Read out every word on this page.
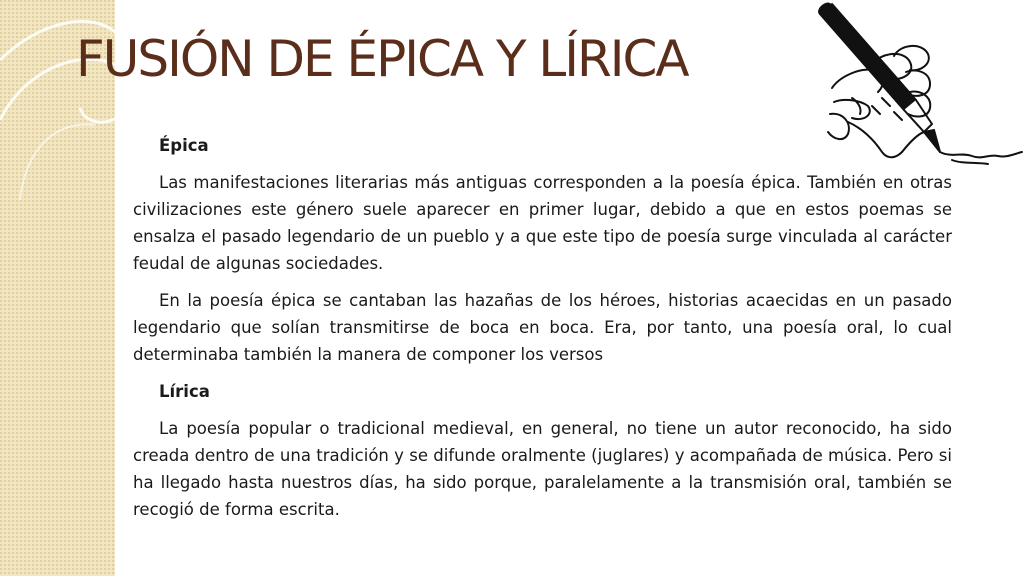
FUSIÓN DE ÉPICA Y LÍRICA

Épica

Las manifestaciones literarias más antiguas corresponden a la poesía épica. También en otras civilizaciones este género suele aparecer en primer lugar, debido a que en estos poemas se ensalza el pasado legendario de un pueblo y a que este tipo de poesía surge vinculada al carácter feudal de algunas sociedades.

En la poesía épica se cantaban las hazañas de los héroes, historias acaecidas en un pasado legendario que solían transmitirse de boca en boca. Era, por tanto, una poesía oral, lo cual determinaba también la manera de componer los versos

Lírica

La poesía popular o tradicional medieval, en general, no tiene un autor reconocido, ha sido creada dentro de una tradición y se difunde oralmente (juglares) y acompañada de música. Pero si ha llegado hasta nuestros días, ha sido porque, paralelamente a la transmisión oral, también se recogió de forma escrita.
